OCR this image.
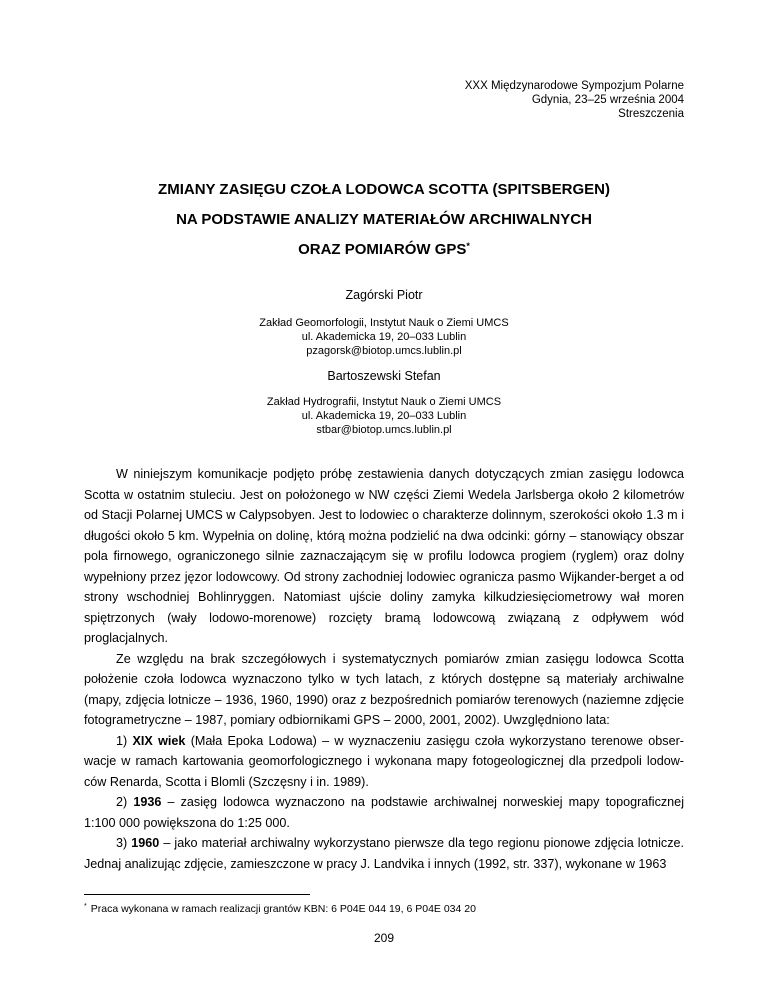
XXX Międzynarodowe Sympozjum Polarne
Gdynia, 23–25 września 2004
Streszczenia
ZMIANY ZASIĘGU CZOŁA LODOWCA SCOTTA (SPITSBERGEN)
NA PODSTAWIE ANALIZY MATERIAŁÓW ARCHIWALNYCH
ORAZ POMIARÓW GPS*
Zagórski Piotr
Zakład Geomorfologii, Instytut Nauk o Ziemi UMCS
ul. Akademicka 19, 20–033 Lublin
pzagorsk@biotop.umcs.lublin.pl
Bartoszewski Stefan
Zakład Hydrografii, Instytut Nauk o Ziemi UMCS
ul. Akademicka 19, 20–033 Lublin
stbar@biotop.umcs.lublin.pl

W niniejszym komunikacje podjęto próbę zestawienia danych dotyczących zmian zasięgu lodowca Scotta w ostatnim stuleciu. Jest on położonego w NW części Ziemi Wedela Jarlsberga około 2 kilometrów od Stacji Polarnej UMCS w Calypsobyen. Jest to lodowiec o charakterze dolinnym, szerokości około 1.3 m i długości około 5 km. Wypełnia on dolinę, którą można podzielić na dwa odcinki: górny – stanowiący obszar pola firnowego, ograniczonego silnie zaznaczającym się w profilu lodowca progiem (ryglem) oraz dolny wypełniony przez jęzor lodowcowy. Od strony zachodniej lodowiec ogranicza pasmo Wijkander-berget a od strony wschodniej Bohlinryggen. Natomiast ujście doliny zamyka kilkudziesięciometrowy wał moren spiętrzonych (wały lodowo-morenowe) rozcięty bramą lodowcową związaną z odpływem wód proglacjalnych.

Ze względu na brak szczegółowych i systematycznych pomiarów zmian zasięgu lodowca Scotta położenie czoła lodowca wyznaczono tylko w tych latach, z których dostępne są materiały archiwalne (mapy, zdjęcia lotnicze – 1936, 1960, 1990) oraz z bezpośrednich pomiarów terenowych (naziemne zdjęcie fotogrametryczne – 1987, pomiary odbiornikami GPS – 2000, 2001, 2002). Uwzględniono lata:

1) XIX wiek (Mała Epoka Lodowa) – w wyznaczeniu zasięgu czoła wykorzystano terenowe obser-wacje w ramach kartowania geomorfologicznego i wykonana mapy fotogeologicznej dla przedpoli lodow-ców Renarda, Scotta i Blomli (Szczęsny i in. 1989).

2) 1936 – zasięg lodowca wyznaczono na podstawie archiwalnej norweskiej mapy topograficznej 1:100 000 powiększona do 1:25 000.

3) 1960 – jako materiał archiwalny wykorzystano pierwsze dla tego regionu pionowe zdjęcia lotnicze. Jednaj analizując zdjęcie, zamieszczone w pracy J. Landvika i innych (1992, str. 337), wykonane w 1963

* Praca wykonana w ramach realizacji grantów KBN: 6 P04E 044 19, 6 P04E 034 20
209
